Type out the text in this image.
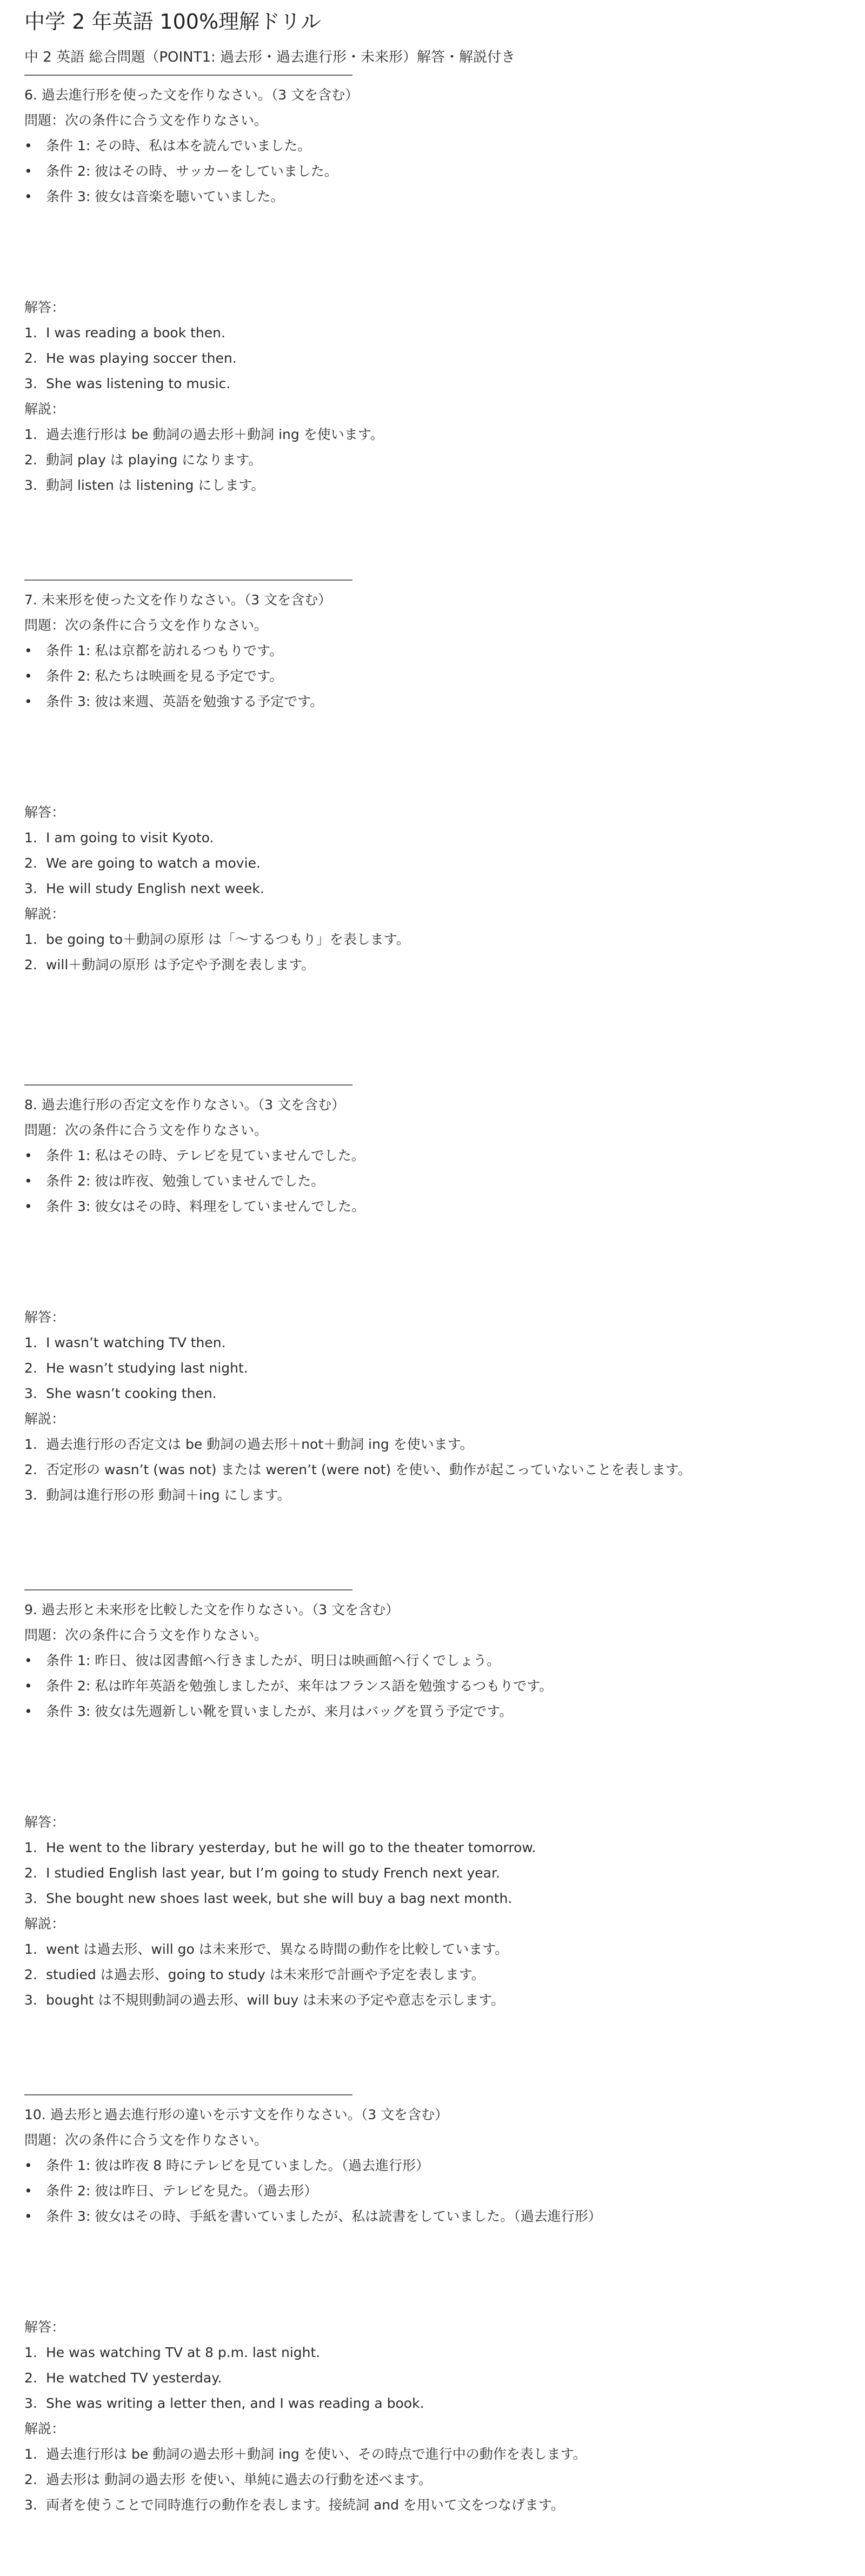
中学 2 年英語 100%理解ドリル
中 2 英語 総合問題（POINT1: 過去形・過去進行形・未来形）解答・解説付き
6. 過去進行形を使った文を作りなさい。（3 文を含む）
問題：次の条件に合う文を作りなさい。
• 条件 1: その時、私は本を読んでいました。
• 条件 2: 彼はその時、サッカーをしていました。
• 条件 3: 彼女は音楽を聴いていました。
解答：
1. I was reading a book then.
2. He was playing soccer then.
3. She was listening to music.
解説：
1. 過去進行形は be 動詞の過去形＋動詞 ing を使います。
2. 動詞 play は playing になります。
3. 動詞 listen は listening にします。
7. 未来形を使った文を作りなさい。（3 文を含む）
問題：次の条件に合う文を作りなさい。
• 条件 1: 私は京都を訪れるつもりです。
• 条件 2: 私たちは映画を見る予定です。
• 条件 3: 彼は来週、英語を勉強する予定です。
解答：
1. I am going to visit Kyoto.
2. We are going to watch a movie.
3. He will study English next week.
解説：
1. be going to＋動詞の原形 は「〜するつもり」を表します。
2. will＋動詞の原形 は予定や予測を表します。
8. 過去進行形の否定文を作りなさい。（3 文を含む）
問題：次の条件に合う文を作りなさい。
• 条件 1: 私はその時、テレビを見ていませんでした。
• 条件 2: 彼は昨夜、勉強していませんでした。
• 条件 3: 彼女はその時、料理をしていませんでした。
解答：
1. I wasn’t watching TV then.
2. He wasn’t studying last night.
3. She wasn’t cooking then.
解説：
1. 過去進行形の否定文は be 動詞の過去形＋not＋動詞 ing を使います。
2. 否定形の wasn’t (was not) または weren’t (were not) を使い、動作が起こっていないことを表します。
3. 動詞は進行形の形 動詞＋ing にします。
9. 過去形と未来形を比較した文を作りなさい。（3 文を含む）
問題：次の条件に合う文を作りなさい。
• 条件 1: 昨日、彼は図書館へ行きましたが、明日は映画館へ行くでしょう。
• 条件 2: 私は昨年英語を勉強しましたが、来年はフランス語を勉強するつもりです。
• 条件 3: 彼女は先週新しい靴を買いましたが、来月はバッグを買う予定です。
解答：
1. He went to the library yesterday, but he will go to the theater tomorrow.
2. I studied English last year, but I’m going to study French next year.
3. She bought new shoes last week, but she will buy a bag next month.
解説：
1. went は過去形、will go は未来形で、異なる時間の動作を比較しています。
2. studied は過去形、going to study は未来形で計画や予定を表します。
3. bought は不規則動詞の過去形、will buy は未来の予定や意志を示します。
10. 過去形と過去進行形の違いを示す文を作りなさい。（3 文を含む）
問題：次の条件に合う文を作りなさい。
• 条件 1: 彼は昨夜 8 時にテレビを見ていました。（過去進行形）
• 条件 2: 彼は昨日、テレビを見た。（過去形）
• 条件 3: 彼女はその時、手紙を書いていましたが、私は読書をしていました。（過去進行形）
解答：
1. He was watching TV at 8 p.m. last night.
2. He watched TV yesterday.
3. She was writing a letter then, and I was reading a book.
解説：
1. 過去進行形は be 動詞の過去形＋動詞 ing を使い、その時点で進行中の動作を表します。
2. 過去形は 動詞の過去形 を使い、単純に過去の行動を述べます。
3. 両者を使うことで同時進行の動作を表します。接続詞 and を用いて文をつなげます。
